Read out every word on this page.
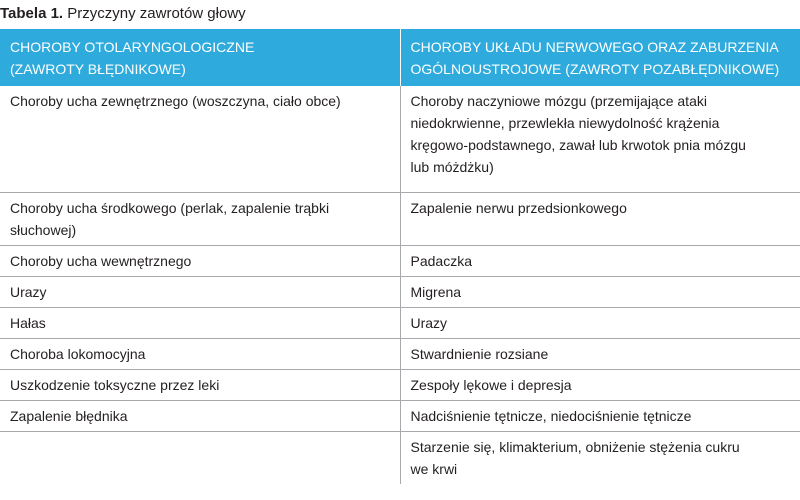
Tabela 1. Przyczyny zawrotów głowy
CHOROBY OTOLARYNGOLOGICZNE
(ZAWROTY BŁĘDNIKOWE)	CHOROBY UKŁADU NERWOWEGO ORAZ ZABURZENIA
OGÓLNOUSTROJOWE (ZAWROTY POZABŁĘDNIKOWE)
Choroby ucha zewnętrznego (woszczyna, ciało obce)	Choroby naczyniowe mózgu (przemijające ataki
niedokrwienne, przewlekła niewydolność krążenia
kręgowo-podstawnego, zawał lub krwotok pnia mózgu
lub móżdżku)
Choroby ucha środkowego (perlak, zapalenie trąbki
słuchowej)	Zapalenie nerwu przedsionkowego
Choroby ucha wewnętrznego	Padaczka
Urazy	Migrena
Hałas	Urazy
Choroba lokomocyjna	Stwardnienie rozsiane
Uszkodzenie toksyczne przez leki	Zespoły lękowe i depresja
Zapalenie błędnika	Nadciśnienie tętnicze, niedociśnienie tętnicze
	Starzenie się, klimakterium, obniżenie stężenia cukru
we krwi
